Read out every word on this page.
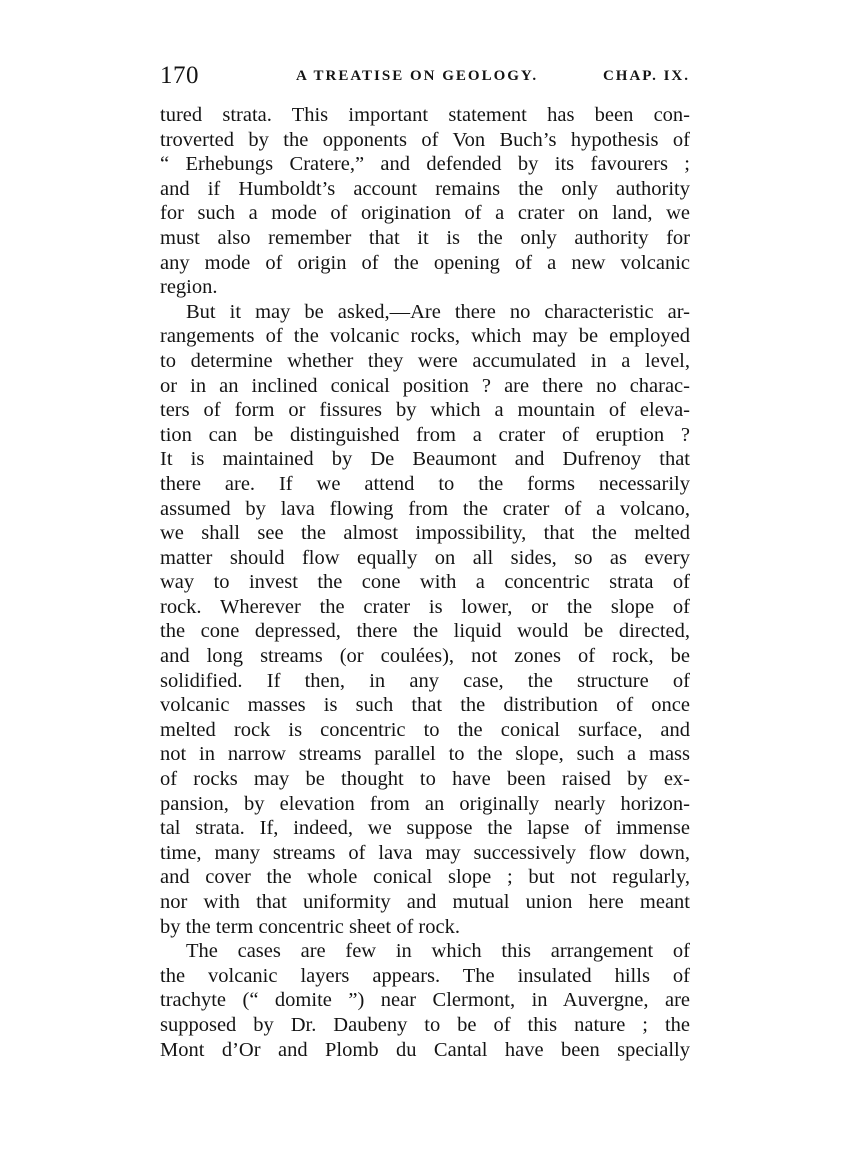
170	A TREATISE ON GEOLOGY.	CHAP. IX.
tured strata. This important statement has been con-
troverted by the opponents of Von Buch’s hypothesis of
“ Erhebungs Cratere,” and defended by its favourers ;
and if Humboldt’s account remains the only authority
for such a mode of origination of a crater on land, we
must also remember that it is the only authority for
any mode of origin of the opening of a new volcanic
region.
But it may be asked,—Are there no characteristic ar-
rangements of the volcanic rocks, which may be employed
to determine whether they were accumulated in a level,
or in an inclined conical position ? are there no charac-
ters of form or fissures by which a mountain of eleva-
tion can be distinguished from a crater of eruption ?
It is maintained by De Beaumont and Dufrenoy that
there are. If we attend to the forms necessarily
assumed by lava flowing from the crater of a volcano,
we shall see the almost impossibility, that the melted
matter should flow equally on all sides, so as every
way to invest the cone with a concentric strata of
rock. Wherever the crater is lower, or the slope of
the cone depressed, there the liquid would be directed,
and long streams (or coulées), not zones of rock, be
solidified. If then, in any case, the structure of
volcanic masses is such that the distribution of once
melted rock is concentric to the conical surface, and
not in narrow streams parallel to the slope, such a mass
of rocks may be thought to have been raised by ex-
pansion, by elevation from an originally nearly horizon-
tal strata. If, indeed, we suppose the lapse of immense
time, many streams of lava may successively flow down,
and cover the whole conical slope ; but not regularly,
nor with that uniformity and mutual union here meant
by the term concentric sheet of rock.
The cases are few in which this arrangement of
the volcanic layers appears. The insulated hills of
trachyte (“ domite ”) near Clermont, in Auvergne, are
supposed by Dr. Daubeny to be of this nature ; the
Mont d’Or and Plomb du Cantal have been specially
